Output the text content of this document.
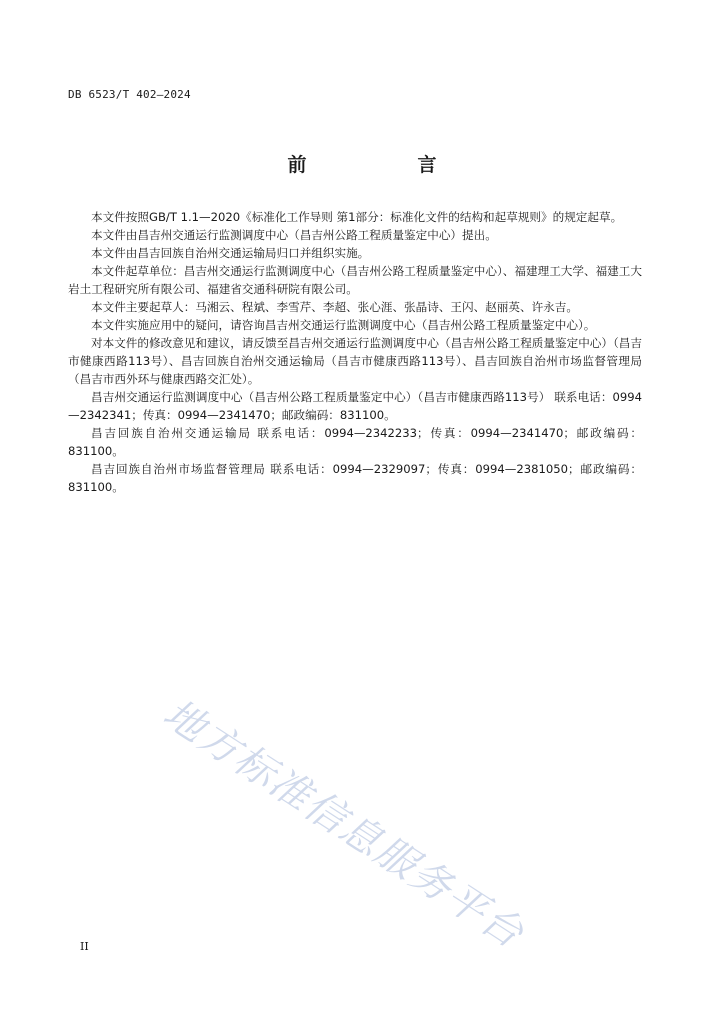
DB 6523/T 402—2024
前　言

本文件按照GB/T 1.1—2020《标准化工作导则 第1部分：标准化文件的结构和起草规则》的规定起草。

本文件由昌吉州交通运行监测调度中心（昌吉州公路工程质量鉴定中心）提出。

本文件由昌吉回族自治州交通运输局归口并组织实施。

本文件起草单位：昌吉州交通运行监测调度中心（昌吉州公路工程质量鉴定中心）、福建理工大学、福建工大岩土工程研究所有限公司、福建省交通科研院有限公司。

本文件主要起草人：马湘云、程斌、李雪芹、李超、张心涯、张晶诗、王闪、赵丽英、许永吉。

本文件实施应用中的疑问，请咨询昌吉州交通运行监测调度中心（昌吉州公路工程质量鉴定中心）。

对本文件的修改意见和建议，请反馈至昌吉州交通运行监测调度中心（昌吉州公路工程质量鉴定中心）（昌吉市健康西路113号）、昌吉回族自治州交通运输局（昌吉市健康西路113号）、昌吉回族自治州市场监督管理局（昌吉市西外环与健康西路交汇处）。

昌吉州交通运行监测调度中心（昌吉州公路工程质量鉴定中心）（昌吉市健康西路113号） 联系电话：0994—2342341；传真：0994—2341470；邮政编码：831100。

昌吉回族自治州交通运输局 联系电话：0994—2342233；传真：0994—2341470；邮政编码：831100。

昌吉回族自治州市场监督管理局 联系电话：0994—2329097；传真：0994—2381050；邮政编码：831100。

地方标准信息服务平台
II
